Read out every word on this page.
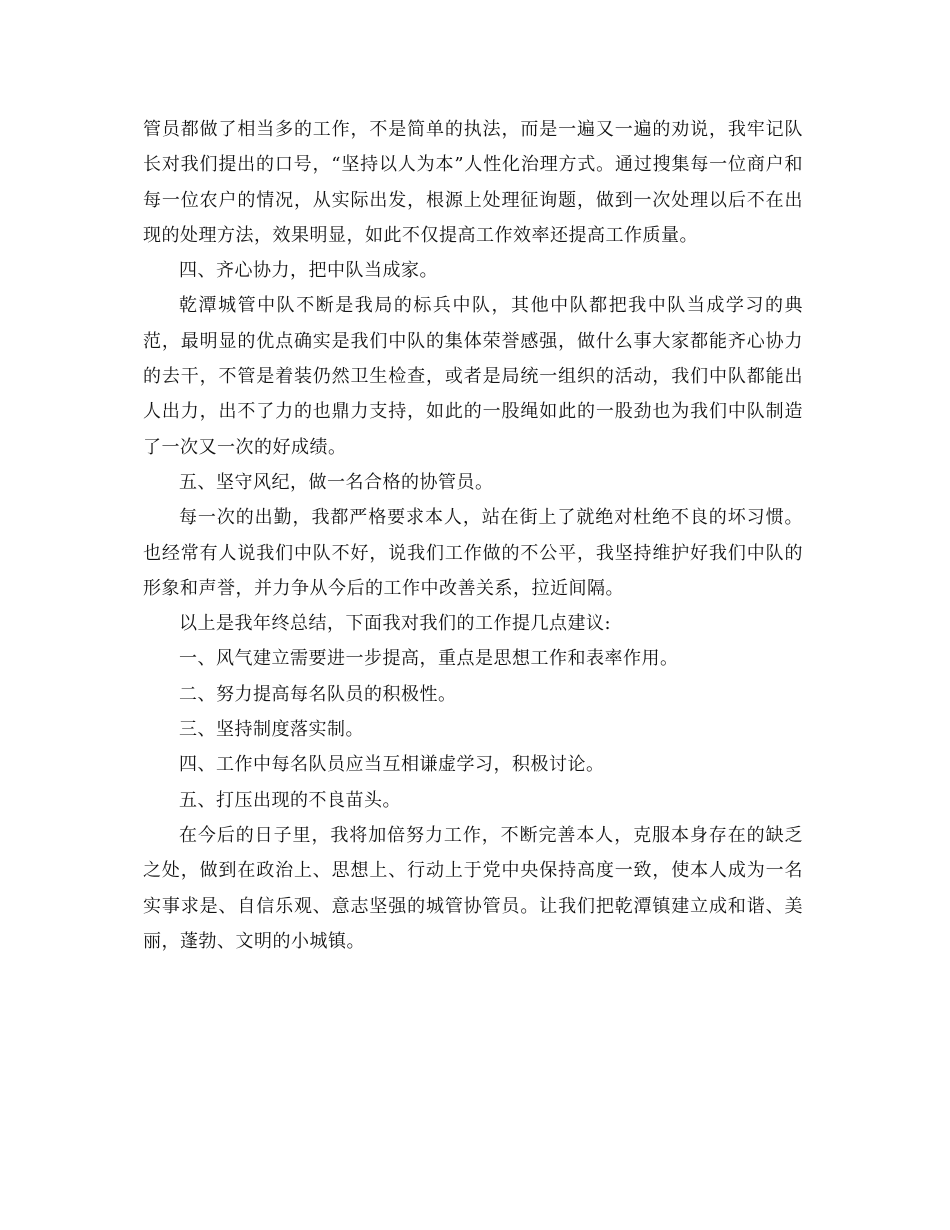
管员都做了相当多的工作，不是简单的执法，而是一遍又一遍的劝说，我牢记队长对我们提出的口号，“坚持以人为本”人性化治理方式。通过搜集每一位商户和每一位农户的情况，从实际出发，根源上处理征询题，做到一次处理以后不在出现的处理方法，效果明显，如此不仅提高工作效率还提高工作质量。

四、齐心协力，把中队当成家。

乾潭城管中队不断是我局的标兵中队，其他中队都把我中队当成学习的典范，最明显的优点确实是我们中队的集体荣誉感强，做什么事大家都能齐心协力的去干，不管是着装仍然卫生检查，或者是局统一组织的活动，我们中队都能出人出力，出不了力的也鼎力支持，如此的一股绳如此的一股劲也为我们中队制造了一次又一次的好成绩。

五、坚守风纪，做一名合格的协管员。

每一次的出勤，我都严格要求本人，站在街上了就绝对杜绝不良的坏习惯。也经常有人说我们中队不好，说我们工作做的不公平，我坚持维护好我们中队的形象和声誉，并力争从今后的工作中改善关系，拉近间隔。

以上是我年终总结，下面我对我们的工作提几点建议:

一、风气建立需要进一步提高，重点是思想工作和表率作用。

二、努力提高每名队员的积极性。

三、坚持制度落实制。

四、工作中每名队员应当互相谦虚学习，积极讨论。

五、打压出现的不良苗头。

在今后的日子里，我将加倍努力工作，不断完善本人，克服本身存在的缺乏之处，做到在政治上、思想上、行动上于党中央保持高度一致，使本人成为一名实事求是、自信乐观、意志坚强的城管协管员。让我们把乾潭镇建立成和谐、美丽，蓬勃、文明的小城镇。
